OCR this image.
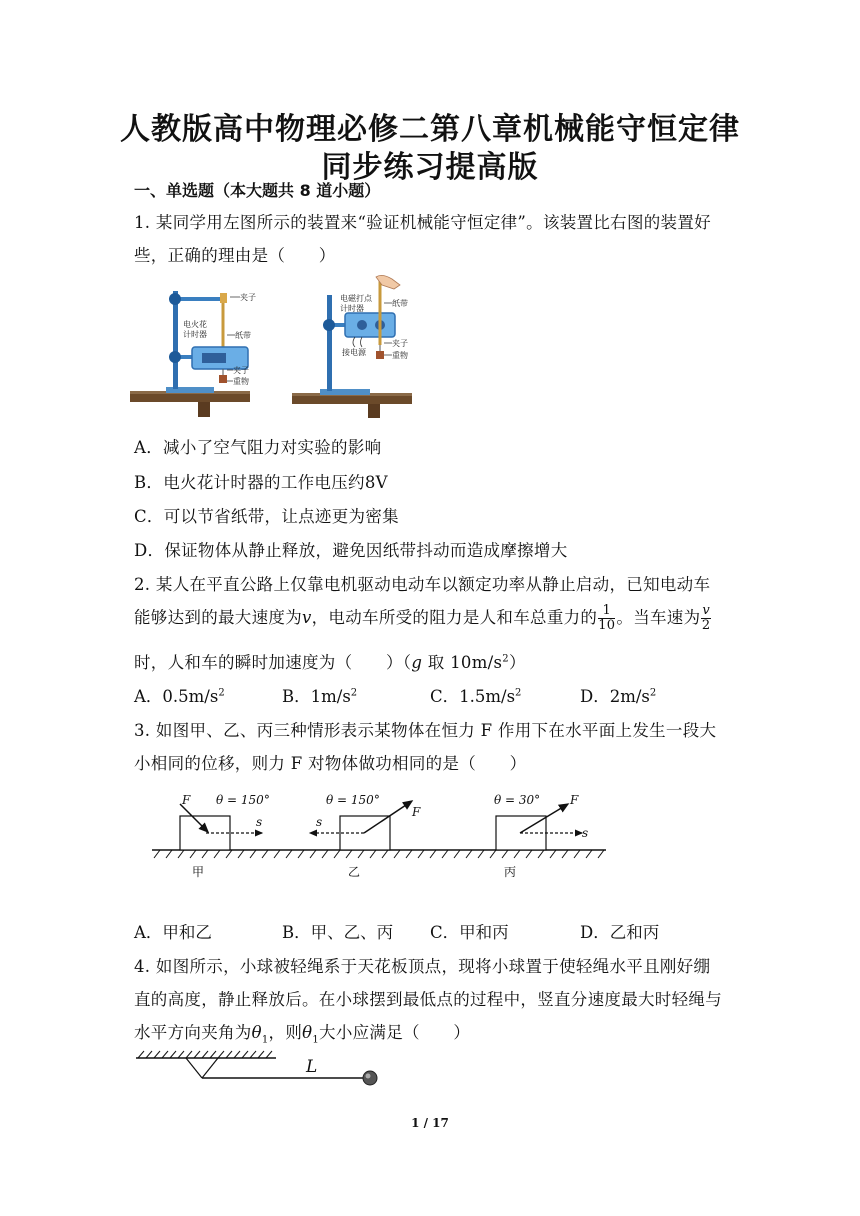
人教版高中物理必修二第八章机械能守恒定律
同步练习提高版
一、单选题（本大题共 8 道小题）
1. 某同学用左图所示的装置来“验证机械能守恒定律”。该装置比右图的装置好
些，正确的理由是（　　）
夹子
电火花
计时器	纸带
夹子
重物
电磁打点
计时器
纸带
接电源
夹子
重物
A．减小了空气阻力对实验的影响
B．电火花计时器的工作电压约8V
C．可以节省纸带，让点迹更为密集
D．保证物体从静止释放，避免因纸带抖动而造成摩擦增大
2. 某人在平直公路上仅靠电机驱动电动车以额定功率从静止启动，已知电动车
能够达到的最大速度为v，电动车所受的阻力是人和车总重力的 $\frac{1}{10}$ 。当车速为 $\frac{v}{2}$
时，人和车的瞬时加速度为（　　）（g 取 $10m/s^2$）
A．$0.5m/s^2$	B．$1m/s^2$	C．$1.5m/s^2$	D．$2m/s^2$
3. 如图甲、乙、丙三种情形表示某物体在恒力 F 作用下在水平面上发生一段大
小相同的位移，则力 F 对物体做功相同的是（　　）
F
s
θ = 150°
s
F
θ = 150°	θ = 30° F
s
甲	乙	丙
A．甲和乙	B．甲、乙、丙 C．甲和丙	D．乙和丙
4. 如图所示，小球被轻绳系于天花板顶点，现将小球置于使轻绳水平且刚好绷
直的高度，静止释放后。在小球摆到最低点的过程中，竖直分速度最大时轻绳与
水平方向夹角为$\theta_1$，则$\theta_1$大小应满足（　　）
L
1 / 17
